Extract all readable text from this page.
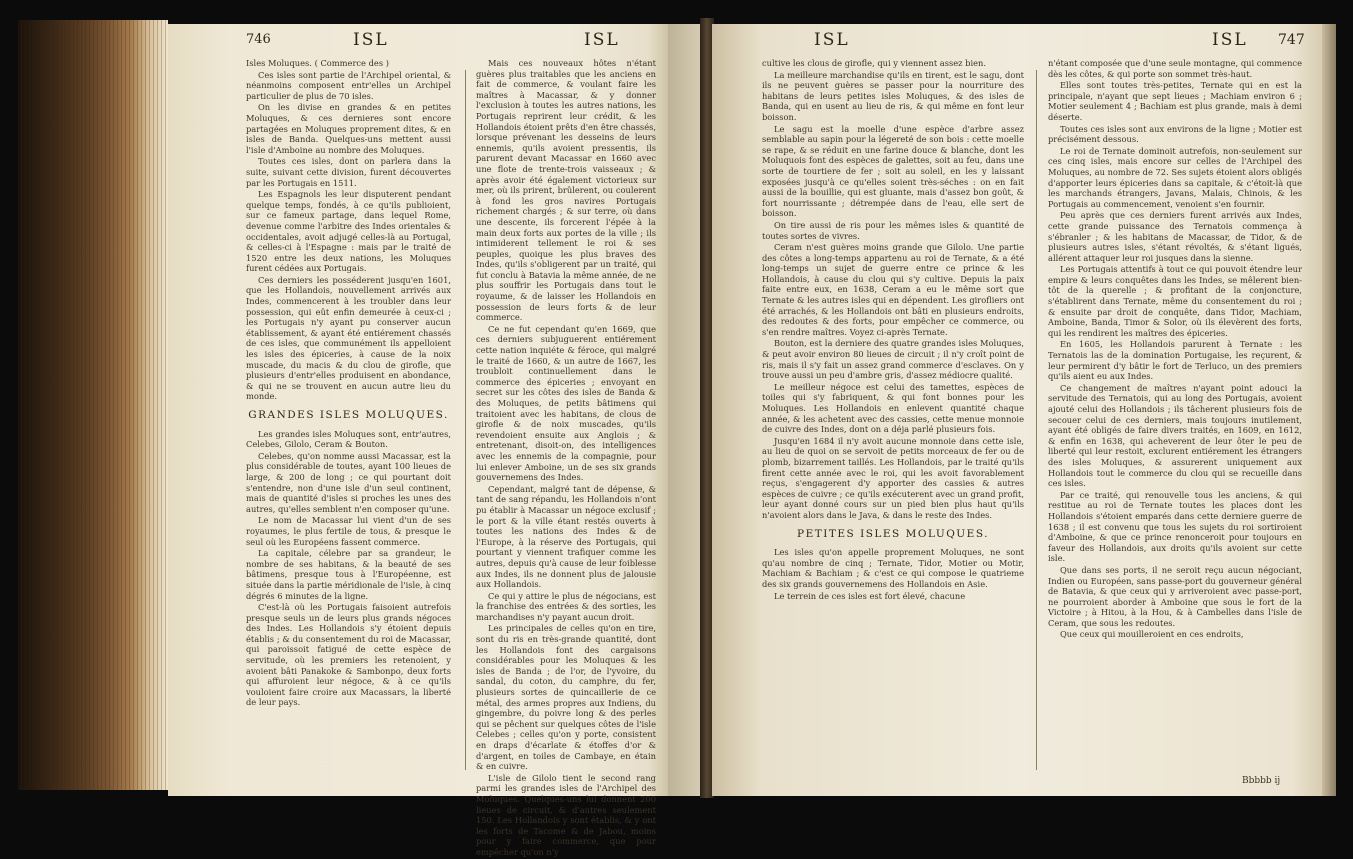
746	ISL

Isles Moluques. ( Commerce des )

Ces isles sont partie de l'Archipel oriental, & néanmoins composent entr'elles un Archipel particulier de plus de 70 isles.

On les divise en grandes & en petites Moluques, & ces dernieres sont encore partagées en Moluques proprement dites, & en isles de Banda. Quelques-uns mettent aussi l'isle d'Amboine au nombre des Moluques.

Toutes ces isles, dont on parlera dans la suite, suivant cette division, furent découvertes par les Portugais en 1511.

Les Espagnols les leur disputerent pendant quelque temps, fondés, à ce qu'ils publioient, sur ce fameux partage, dans lequel Rome, devenue comme l'arbitre des Indes orientales & occidentales, avoit adjugé celles-là au Portugal, & celles-ci à l'Espagne : mais par le traité de 1520 entre les deux nations, les Moluques furent cédées aux Portugais.

Ces derniers les posséderent jusqu'en 1601, que les Hollandois, nouvellement arrivés aux Indes, commencerent à les troubler dans leur possession, qui eût enfin demeurée à ceux-ci ; les Portugais n'y ayant pu conserver aucun établissement, & ayant été entiérement chassés de ces isles, que communément ils appelloient les isles des épiceries, à cause de la noix muscade, du macis & du clou de girofle, que plusieurs d'entr'elles produisent en abondance, & qui ne se trouvent en aucun autre lieu du monde.

GRANDES ISLES MOLUQUES.

Les grandes isles Moluques sont, entr'autres, Celebes, Gilolo, Ceram & Bouton.

Celebes, qu'on nomme aussi Macassar, est la plus considérable de toutes, ayant 100 lieues de large, & 200 de long ; ce qui pourtant doit s'entendre, non d'une isle d'un seul continent, mais de quantité d'isles si proches les unes des autres, qu'elles semblent n'en composer qu'une.

Le nom de Macassar lui vient d'un de ses royaumes, le plus fertile de tous, & presque le seul où les Européens fassent commerce.

La capitale, célebre par sa grandeur, le nombre de ses habitans, & la beauté de ses bâtimens, presque tous à l'Européenne, est située dans la partie méridionale de l'isle, à cinq dégrés 6 minutes de la ligne.

C'est-là où les Portugais faisoient autrefois presque seuls un de leurs plus grands négoces des Indes. Les Hollandois s'y étoient depuis établis ; & du consentement du roi de Macassar, qui paroissoit fatigué de cette espèce de servitude, où les premiers les retenoient, y avoient bâti Panakoke & Sambonpo, deux forts qui affuroient leur négoce, & à ce qu'ils vouloient faire croire aux Macassars, la liberté de leur pays.

Mais ces nouveaux hôtes n'étant guères plus traitables que les anciens en fait de commerce, & voulant faire les maîtres à Macassar, & y donner l'exclusion à toutes les autres nations, les Portugais reprirent leur crédit, & les Hollandois étoient prêts d'en être chassés, lorsque prévenant les desseins de leurs ennemis, qu'ils avoient pressentis, ils parurent devant Macassar en 1660 avec une flote de trente-trois vaisseaux ; & après avoir été également victorieux sur mer, où ils prirent, brûlerent, ou coulerent à fond les gros navires Portugais richement chargés ; & sur terre, où dans une descente, ils forcerent l'épée à la main deux forts aux portes de la ville ; ils intimiderent tellement le roi & ses peuples, quoique les plus braves des Indes, qu'ils s'obligerent par un traité, qui fut conclu à Batavia la même année, de ne plus souffrir les Portugais dans tout le royaume, & de laisser les Hollandois en possession de leurs forts & de leur commerce.

Ce ne fut cependant qu'en 1669, que ces derniers subjuguerent entiérement cette nation inquiéte & féroce, qui malgré le traité de 1660, & un autre de 1667, les troubloit continuellement dans le commerce des épiceries ; envoyant en secret sur les côtes des isles de Banda & des Moluques, de petits bâtimens qui traitoient avec les habitans, de clous de girofle & de noix muscades, qu'ils revendoient ensuite aux Anglois ; & entretenant, disoit-on, des intelligences avec les ennemis de la compagnie, pour lui enlever Amboine, un de ses six grands gouvernemens des Indes.

Cependant, malgré tant de dépense, & tant de sang répandu, les Hollandois n'ont pu établir à Macassar un négoce exclusif ; le port & la ville étant restés ouverts à toutes les nations des Indes & de l'Europe, à la réserve des Portugais, qui pourtant y viennent trafiquer comme les autres, depuis qu'à cause de leur foiblesse aux Indes, ils ne donnent plus de jalousie aux Hollandois.

Ce qui y attire le plus de négocians, est la franchise des entrées & des sorties, les marchandises n'y payant aucun droit.

Les principales de celles qu'on en tire, sont du ris en très-grande quantité, dont les Hollandois font des cargaisons considérables pour les Moluques & les isles de Banda ; de l'or, de l'yvoire, du sandal, du coton, du camphre, du fer, plusieurs sortes de quincaillerie de ce métal, des armes propres aux Indiens, du gingembre, du poivre long & des perles qui se pêchent sur quelques côtes de l'isle Celebes ; celles qu'on y porte, consistent en draps d'écarlate & étoffes d'or & d'argent, en toiles de Cambaye, en étain & en cuivre.

L'isle de Gilolo tient le second rang parmi les grandes isles de l'Archipel des Moluques. Quelques-uns lui donnent 200 lieues de circuit, & d'autres seulement 150. Les Hollandois y sont établis, & y ont les forts de Tacome & de Jabou, moins pour y faire commerce, que pour empêcher qu'on n'y

ISL	ISL	ISL 747

cultive les clous de girofle, qui y viennent assez bien.

La meilleure marchandise qu'ils en tirent, est le sagu, dont ils ne peuvent guères se passer pour la nourriture des habitans de leurs petites isles Moluques, & des isles de Banda, qui en usent au lieu de ris, & qui même en font leur boisson.

Le sagu est la moelle d'une espèce d'arbre assez semblable au sapin pour la légereté de son bois : cette moelle se rape, & se réduit en une farine douce & blanche, dont les Moluquois font des espèces de galettes, soit au feu, dans une sorte de tourtiere de fer ; soit au soleil, en les y laissant exposées jusqu'à ce qu'elles soient très-séches : on en fait aussi de la bouillie, qui est gluante, mais d'assez bon goût, & fort nourrissante ; détrempée dans de l'eau, elle sert de boisson.

On tire aussi de ris pour les mêmes isles & quantité de toutes sortes de vivres.

Ceram n'est guères moins grande que Gilolo. Une partie des côtes a long-temps appartenu au roi de Ternate, & a été long-temps un sujet de guerre entre ce prince & les Hollandois, à cause du clou qui s'y cultive. Depuis la paix faite entre eux, en 1638, Ceram a eu le même sort que Ternate & les autres isles qui en dépendent. Les girofliers ont été arrachés, & les Hollandois ont bâti en plusieurs endroits, des redoutes & des forts, pour empêcher ce commerce, ou s'en rendre maîtres. Voyez ci-après Ternate.

Bouton, est la derniere des quatre grandes isles Moluques, & peut avoir environ 80 lieues de circuit ; il n'y croît point de ris, mais il s'y fait un assez grand commerce d'esclaves. On y trouve aussi un peu d'ambre gris, d'assez médiocre qualité.

Le meilleur négoce est celui des tamettes, espèces de toiles qui s'y fabriquent, & qui font bonnes pour les Moluques. Les Hollandois en enlevent quantité chaque année, & les achetent avec des cassies, cette menue monnoie de cuivre des Indes, dont on a déja parlé plusieurs fois.

Jusqu'en 1684 il n'y avoit aucune monnoie dans cette isle, au lieu de quoi on se servoit de petits morceaux de fer ou de plomb, bizarrement taillés. Les Hollandois, par le traité qu'ils firent cette année avec le roi, qui les avoit favorablement reçus, s'engagerent d'y apporter des cassies & autres espèces de cuivre ; ce qu'ils exécuterent avec un grand profit, leur ayant donné cours sur un pied bien plus haut qu'ils n'avoient alors dans le Java, & dans le reste des Indes.

PETITES ISLES MOLUQUES.

Les isles qu'on appelle proprement Moluques, ne sont qu'au nombre de cinq ; Ternate, Tidor, Motier ou Motir, Machiam & Bachiam ; & c'est ce qui compose le quatrieme des six grands gouvernemens des Hollandois en Asie.

Le terrein de ces isles est fort élevé, chacune

n'étant composée que d'une seule montagne, qui commence dès les côtes, & qui porte son sommet très-haut.

Elles sont toutes très-petites, Ternate qui en est la principale, n'ayant que sept lieues ; Machiam environ 6 ; Motier seulement 4 ; Bachiam est plus grande, mais à demi déserte.

Toutes ces isles sont aux environs de la ligne ; Motier est précisément dessous.

Le roi de Ternate dominoit autrefois, non-seulement sur ces cinq isles, mais encore sur celles de l'Archipel des Moluques, au nombre de 72. Ses sujets étoient alors obligés d'apporter leurs épiceries dans sa capitale, & c'étoit-là que les marchands étrangers, Javans, Malais, Chinois, & les Portugais au commencement, venoient s'en fournir.

Peu après que ces derniers furent arrivés aux Indes, cette grande puissance des Ternatois commença à s'ébranler ; & les habitans de Macassar, de Tidor, & de plusieurs autres isles, s'étant révoltés, & s'étant ligués, allérent attaquer leur roi jusques dans la sienne.

Les Portugais attentifs à tout ce qui pouvoit étendre leur empire & leurs conquêtes dans les Indes, se mêlerent bien-tôt de la querelle ; & profitant de la conjoncture, s'établirent dans Ternate, même du consentement du roi ; & ensuite par droit de conquête, dans Tidor, Machiam, Amboine, Banda, Timor & Solor, où ils élevèrent des forts, qui les rendirent les maîtres des épiceries.

En 1605, les Hollandois parurent à Ternate : les Ternatois las de la domination Portugaise, les reçurent, & leur permirent d'y bâtir le fort de Terluco, un des premiers qu'ils aient eu aux Indes.

Ce changement de maîtres n'ayant point adouci la servitude des Ternatois, qui au long des Portugais, avoient ajouté celui des Hollandois ; ils tâcherent plusieurs fois de secouer celui de ces derniers, mais toujours inutilement, ayant été obligés de faire divers traités, en 1609, en 1612, & enfin en 1638, qui acheverent de leur ôter le peu de liberté qui leur restoit, exclurent entiérement les étrangers des isles Moluques, & assurerent uniquement aux Hollandois tout le commerce du clou qui se recueille dans ces isles.

Par ce traité, qui renouvelle tous les anciens, & qui restitue au roi de Ternate toutes les places dont les Hollandois s'étoient emparés dans cette derniere guerre de 1638 ; il est convenu que tous les sujets du roi sortiroient d'Amboine, & que ce prince renonceroit pour toujours en faveur des Hollandois, aux droits qu'ils avoient sur cette isle.

Que dans ses ports, il ne seroit reçu aucun négociant, Indien ou Européen, sans passe-port du gouverneur général de Batavia, & que ceux qui y arriveroient avec passe-port, ne pourroient aborder à Amboine que sous le fort de la Victoire ; à Hitou, à la Hou, & à Cambelles dans l'isle de Ceram, que sous les redoutes.

Que ceux qui mouilleroient en ces endroits,

Bbbbb ij
